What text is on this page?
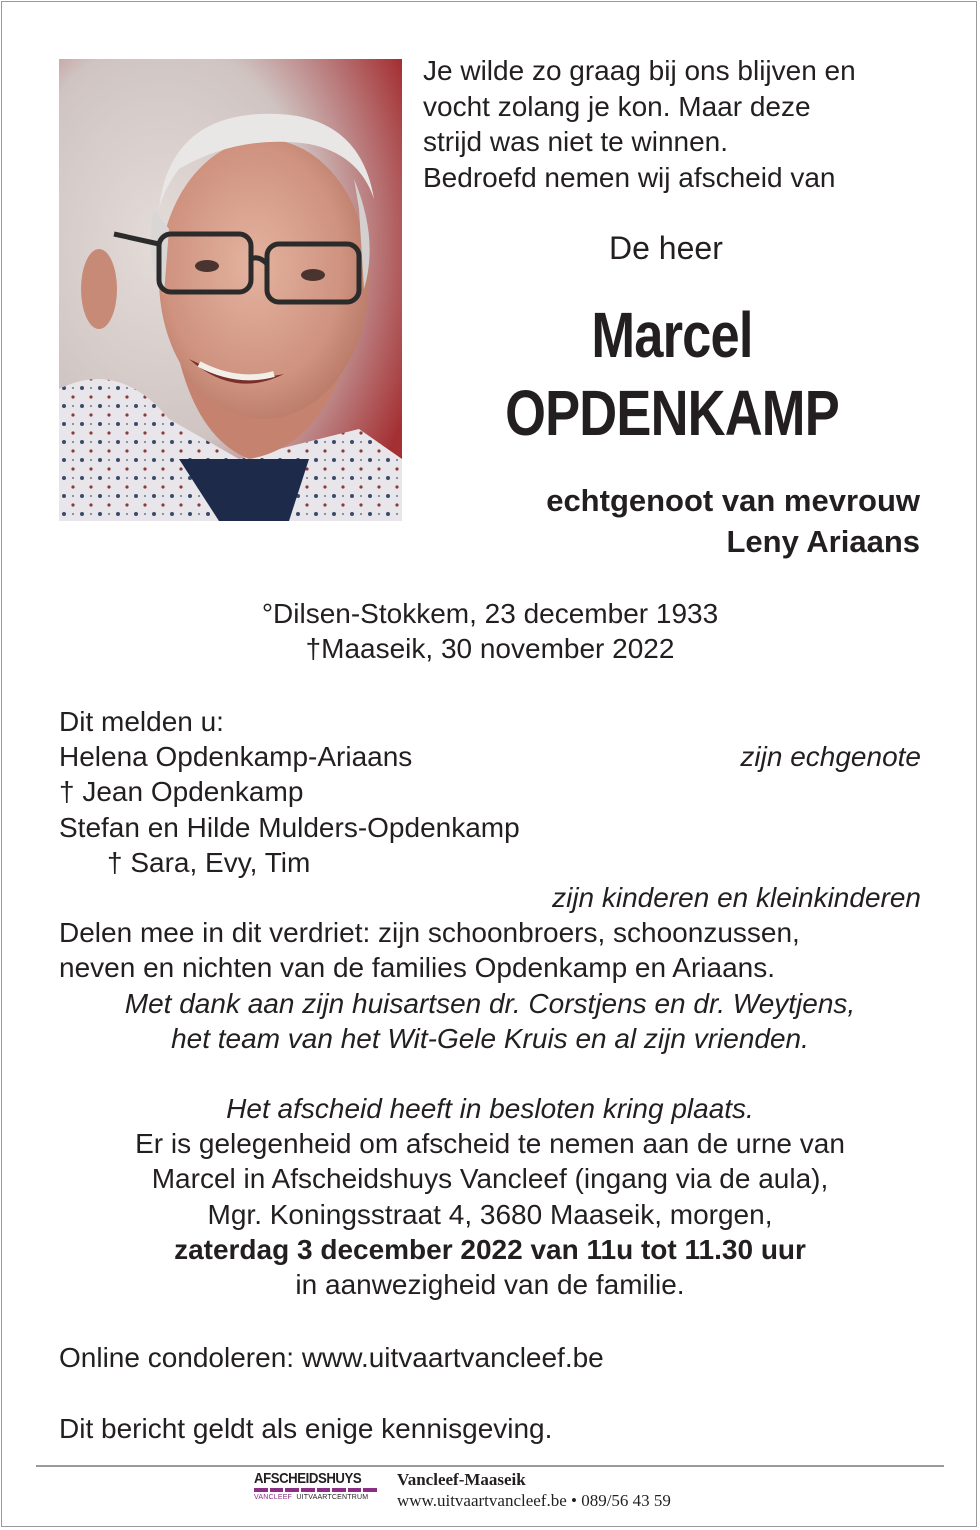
Je wilde zo graag bij ons blijven en
vocht zolang je kon. Maar deze
strijd was niet te winnen.
Bedroefd nemen wij afscheid van
De heer
Marcel
OPDENKAMP
echtgenoot van mevrouw
Leny Ariaans
°Dilsen-Stokkem, 23 december 1933
†Maaseik, 30 november 2022
Dit melden u:
Helena Opdenkamp-Ariaans	zijn echgenote
† Jean Opdenkamp
Stefan en Hilde Mulders-Opdenkamp
† Sara, Evy, Tim
zijn kinderen en kleinkinderen
Delen mee in dit verdriet: zijn schoonbroers, schoonzussen,
neven en nichten van de families Opdenkamp en Ariaans.
Met dank aan zijn huisartsen dr. Corstjens en dr. Weytjens,
het team van het Wit-Gele Kruis en al zijn vrienden.
Het afscheid heeft in besloten kring plaats.
Er is gelegenheid om afscheid te nemen aan de urne van
Marcel in Afscheidshuys Vancleef (ingang via de aula),
Mgr. Koningsstraat 4, 3680 Maaseik, morgen,
zaterdag 3 december 2022 van 11u tot 11.30 uur
in aanwezigheid van de familie.
Online condoleren: www.uitvaartvancleef.be
Dit bericht geldt als enige kennisgeving.
AFSCHEIDSHUYS
VANCLEEF UITVAARTCENTRUM
Vancleef-Maaseik
www.uitvaartvancleef.be • 089/56 43 59
